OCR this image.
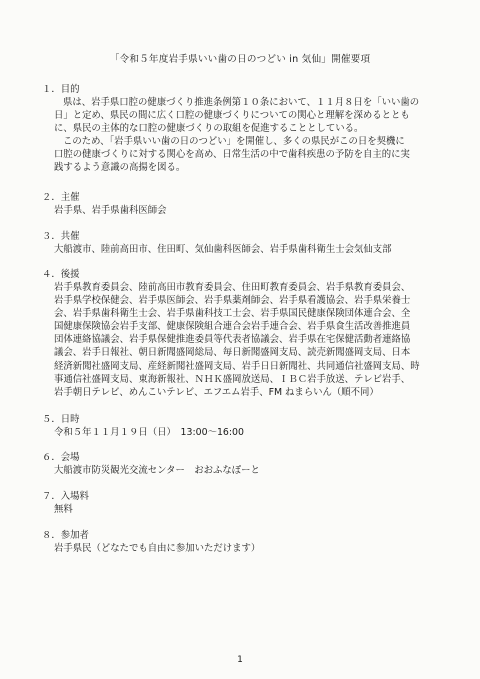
「令和５年度岩手県いい歯の日のつどい in 気仙」開催要項
１．目的
県は、岩手県口腔の健康づくり推進条例第１０条において、１１月８日を「いい歯の
日」と定め、県民の間に広く口腔の健康づくりについての関心と理解を深めるととも
に、県民の主体的な口腔の健康づくりの取組を促進することとしている。
このため、「岩手県いい歯の日のつどい」を開催し、多くの県民がこの日を契機に
口腔の健康づくりに対する関心を高め、日常生活の中で歯科疾患の予防を自主的に実
践するよう意識の高揚を図る。
２．主催
岩手県、岩手県歯科医師会
３．共催
大船渡市、陸前高田市、住田町、気仙歯科医師会、岩手県歯科衛生士会気仙支部
４．後援
岩手県教育委員会、陸前高田市教育委員会、住田町教育委員会、岩手県教育委員会、
岩手県学校保健会、岩手県医師会、岩手県薬剤師会、岩手県看護協会、岩手県栄養士
会、岩手県歯科衛生士会、岩手県歯科技工士会、岩手県国民健康保険団体連合会、全
国健康保険協会岩手支部、健康保険組合連合会岩手連合会、岩手県食生活改善推進員
団体連絡協議会、岩手県保健推進委員等代表者協議会、岩手県在宅保健活動者連絡協
議会、岩手日報社、朝日新聞盛岡総局、毎日新聞盛岡支局、読売新聞盛岡支局、日本
経済新聞社盛岡支局、産経新聞社盛岡支局、岩手日日新聞社、共同通信社盛岡支局、時
事通信社盛岡支局、東海新報社、ＮＨＫ盛岡放送局、ＩＢＣ岩手放送、テレビ岩手、
岩手朝日テレビ、めんこいテレビ、エフエム岩手、FM ねまらいん（順不同）
５．日時
令和５年１１月１９日（日）　13:00～16:00
６．会場
大船渡市防災観光交流センター　おおふなぽーと
７．入場料
無料
８．参加者
岩手県民（どなたでも自由に参加いただけます）
1
